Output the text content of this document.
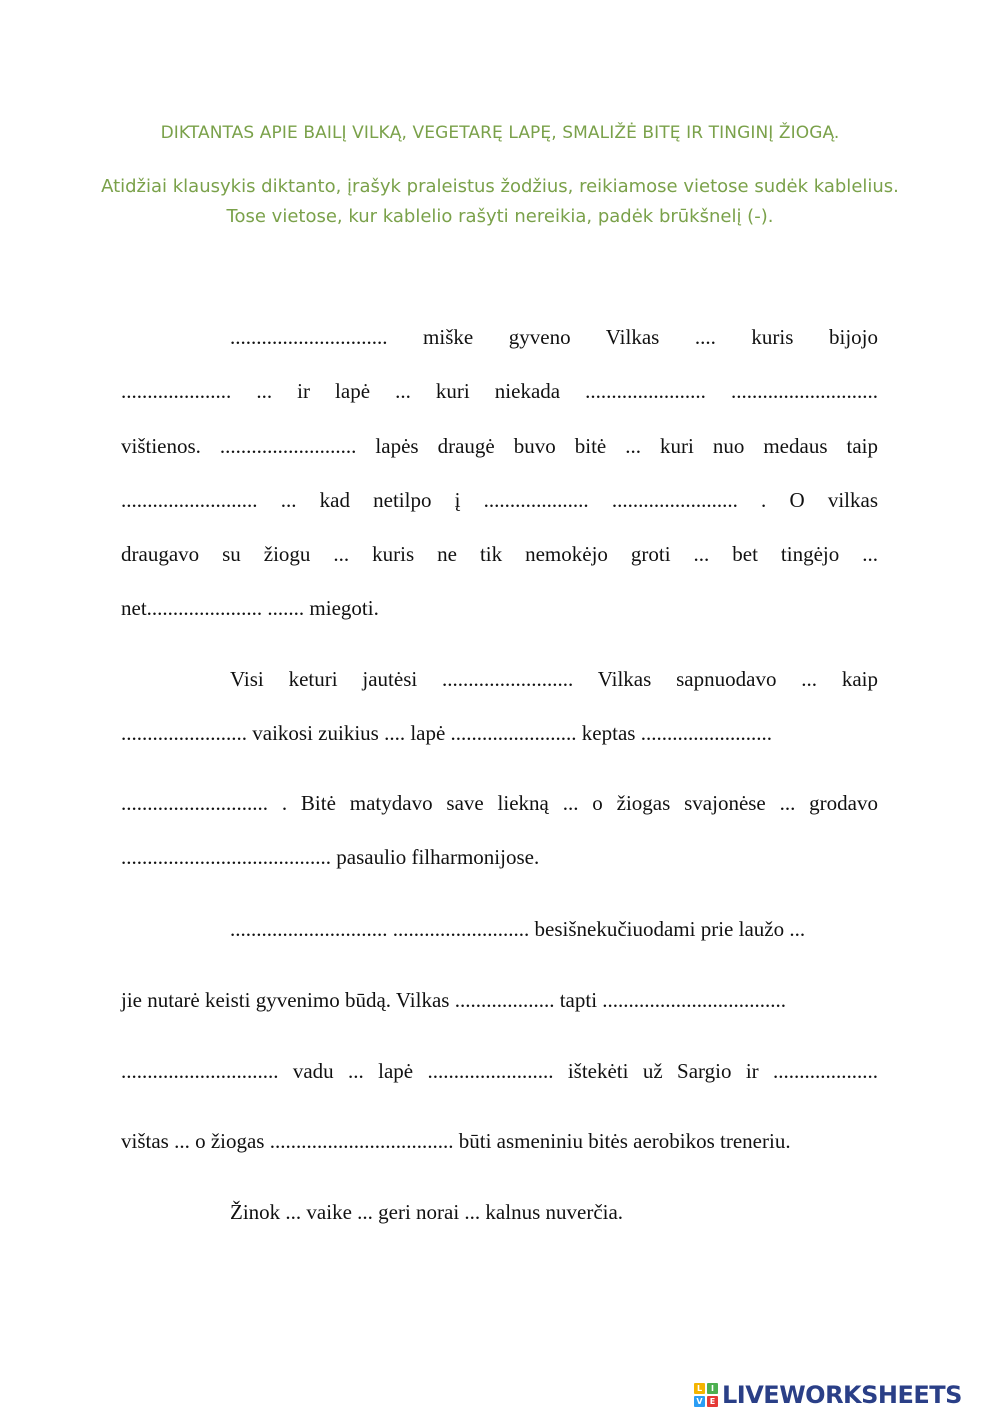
DIKTANTAS APIE BAILĮ VILKĄ, VEGETARĘ LAPĘ, SMALIŽĖ BITĘ IR TINGINĮ ŽIOGĄ.
Atidžiai klausykis diktanto, įrašyk praleistus žodžius, reikiamose vietose sudėk kablelius. Tose vietose, kur kablelio rašyti nereikia, padėk brūkšnelį (-).
.............................. miške gyveno Vilkas .... kuris bijojo
..................... ... ir lapė ... kuri niekada ....................... ............................
vištienos. .......................... lapės draugė buvo bitė ... kuri nuo medaus taip
.......................... ... kad netilpo į .................... ........................ . O vilkas
draugavo su žiogu ... kuris ne tik nemokėjo groti ... bet tingėjo ...
net...................... ....... miegoti.
Visi keturi jautėsi ......................... Vilkas sapnuodavo ... kaip
........................ vaikosi zuikius .... lapė ........................ keptas .........................
............................ . Bitė matydavo save liekną ... o žiogas svajonėse ... grodavo
........................................ pasaulio filharmonijose.
.............................. .......................... besišnekučiuodami prie laužo ...
jie nutarė keisti gyvenimo būdą. Vilkas ................... tapti ...................................
.............................. vadu ... lapė ........................ ištekėti už Sargio ir ....................
vištas ... o žiogas ................................... būti asmeniniu bitės aerobikos treneriu.
Žinok ... vaike ... geri norai ... kalnus nuverčia.
L	I
V E LIVEWORKSHEETS
